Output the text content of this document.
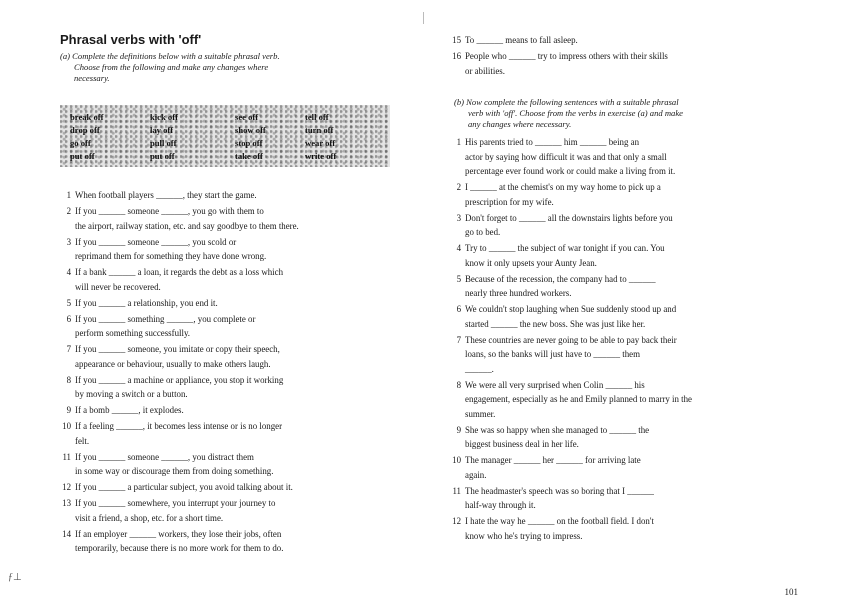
Phrasal verbs with 'off'
(a) Complete the definitions below with a suitable phrasal verb.
Choose from the following and make any changes where
necessary.
break off	kick off	see off	tell off
drop off	lay off	show off	turn off
go off	pull off	stop off	wear off
put off	put off	take off	write off
1 When football players ______, they start the game.
2 If you ______ someone ______, you go with them to
the airport, railway station, etc. and say goodbye to them there.
3 If you ______ someone ______, you scold or
reprimand them for something they have done wrong.
4 If a bank ______ a loan, it regards the debt as a loss which
will never be recovered.
5 If you ______ a relationship, you end it.
6 If you ______ something ______, you complete or
perform something successfully.
7 If you ______ someone, you imitate or copy their speech,
appearance or behaviour, usually to make others laugh.
8 If you ______ a machine or appliance, you stop it working
by moving a switch or a button.
9 If a bomb ______, it explodes.
10 If a feeling ______, it becomes less intense or is no longer
felt.
11 If you ______ someone ______, you distract them
in some way or discourage them from doing something.
12 If you ______ a particular subject, you avoid talking about it.
13 If you ______ somewhere, you interrupt your journey to
visit a friend, a shop, etc. for a short time.
14 If an employer ______ workers, they lose their jobs, often
temporarily, because there is no more work for them to do.
ƒ⊥
15 To ______ means to fall asleep.
16 People who ______ try to impress others with their skills
or abilities.
(b) Now complete the following sentences with a suitable phrasal
verb with 'off'. Choose from the verbs in exercise (a) and make
any changes where necessary.
1 His parents tried to ______ him ______ being an
actor by saying how difficult it was and that only a small
percentage ever found work or could make a living from it.
2 I ______ at the chemist's on my way home to pick up a
prescription for my wife.
3 Don't forget to ______ all the downstairs lights before you
go to bed.
4 Try to ______ the subject of war tonight if you can. You
know it only upsets your Aunty Jean.
5 Because of the recession, the company had to ______
nearly three hundred workers.
6 We couldn't stop laughing when Sue suddenly stood up and
started ______ the new boss. She was just like her.
7 These countries are never going to be able to pay back their
loans, so the banks will just have to ______ them
______.
8 We were all very surprised when Colin ______ his
engagement, especially as he and Emily planned to marry in the
summer.
9 She was so happy when she managed to ______ the
biggest business deal in her life.
10 The manager ______ her ______ for arriving late
again.
11 The headmaster's speech was so boring that I ______
half-way through it.
12 I hate the way he ______ on the football field. I don't
know who he's trying to impress.
101
